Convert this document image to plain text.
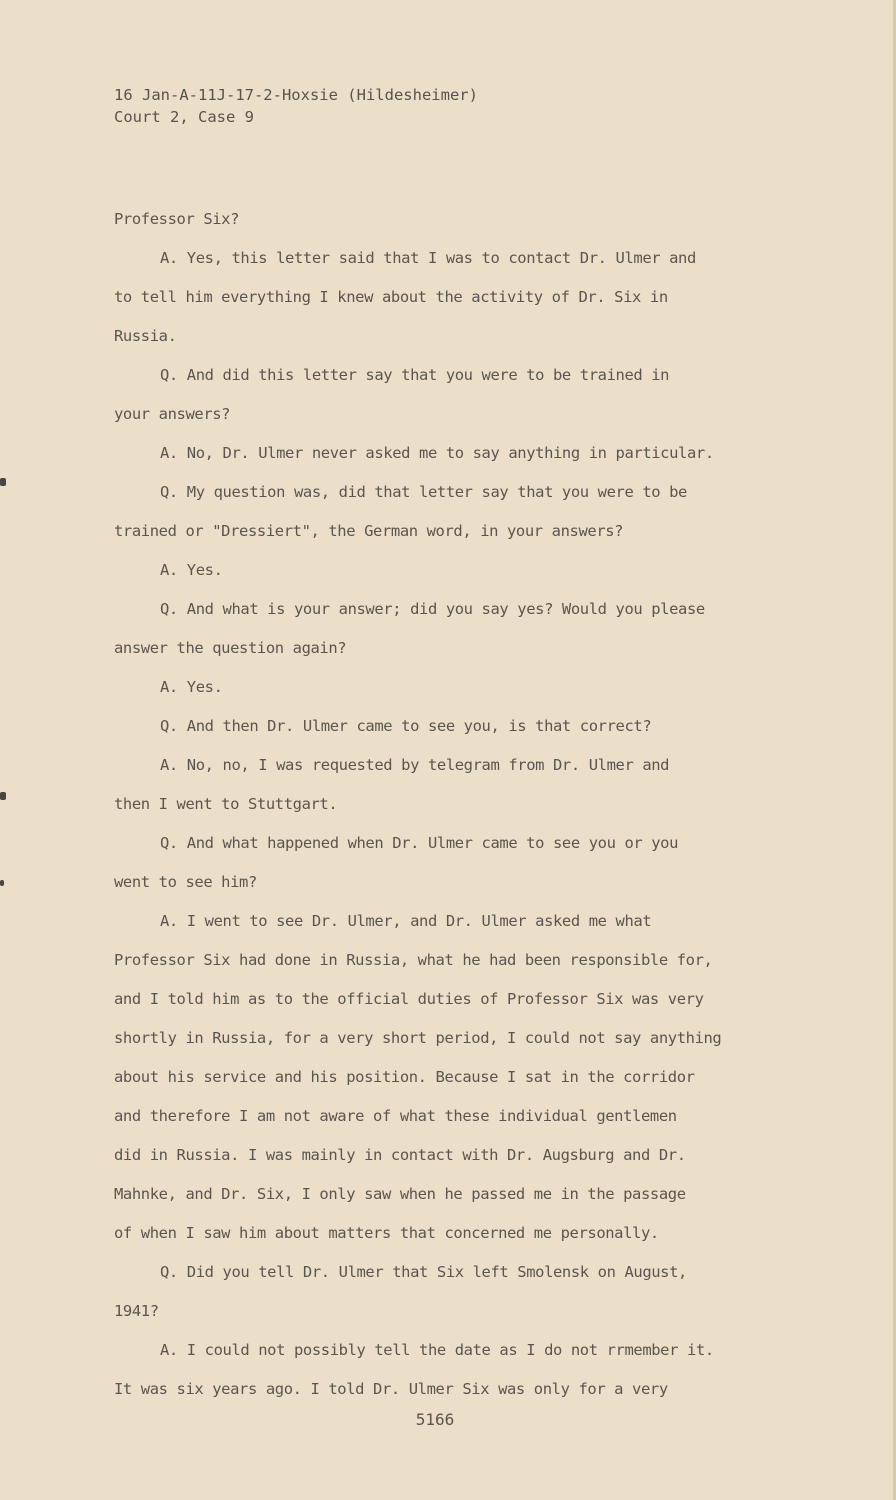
16 Jan-A-11J-17-2-Hoxsie (Hildesheimer)
Court 2, Case 9
Professor Six?
A. Yes, this letter said that I was to contact Dr. Ulmer and
to tell him everything I knew about the activity of Dr. Six in
Russia.
Q. And did this letter say that you were to be trained in
your answers?
A. No, Dr. Ulmer never asked me to say anything in particular.
Q. My question was, did that letter say that you were to be
trained or "Dressiert", the German word, in your answers?
A. Yes.
Q. And what is your answer; did you say yes? Would you please
answer the question again?
A. Yes.
Q. And then Dr. Ulmer came to see you, is that correct?
A. No, no, I was requested by telegram from Dr. Ulmer and
then I went to Stuttgart.
Q. And what happened when Dr. Ulmer came to see you or you
went to see him?
A. I went to see Dr. Ulmer, and Dr. Ulmer asked me what
Professor Six had done in Russia, what he had been responsible for,
and I told him as to the official duties of Professor Six was very
shortly in Russia, for a very short period, I could not say anything
about his service and his position. Because I sat in the corridor
and therefore I am not aware of what these individual gentlemen
did in Russia. I was mainly in contact with Dr. Augsburg and Dr.
Mahnke, and Dr. Six, I only saw when he passed me in the passage
of when I saw him about matters that concerned me personally.
Q. Did you tell Dr. Ulmer that Six left Smolensk on August,
1941?
A. I could not possibly tell the date as I do not rrmember it.
It was six years ago. I told Dr. Ulmer Six was only for a very
5166
